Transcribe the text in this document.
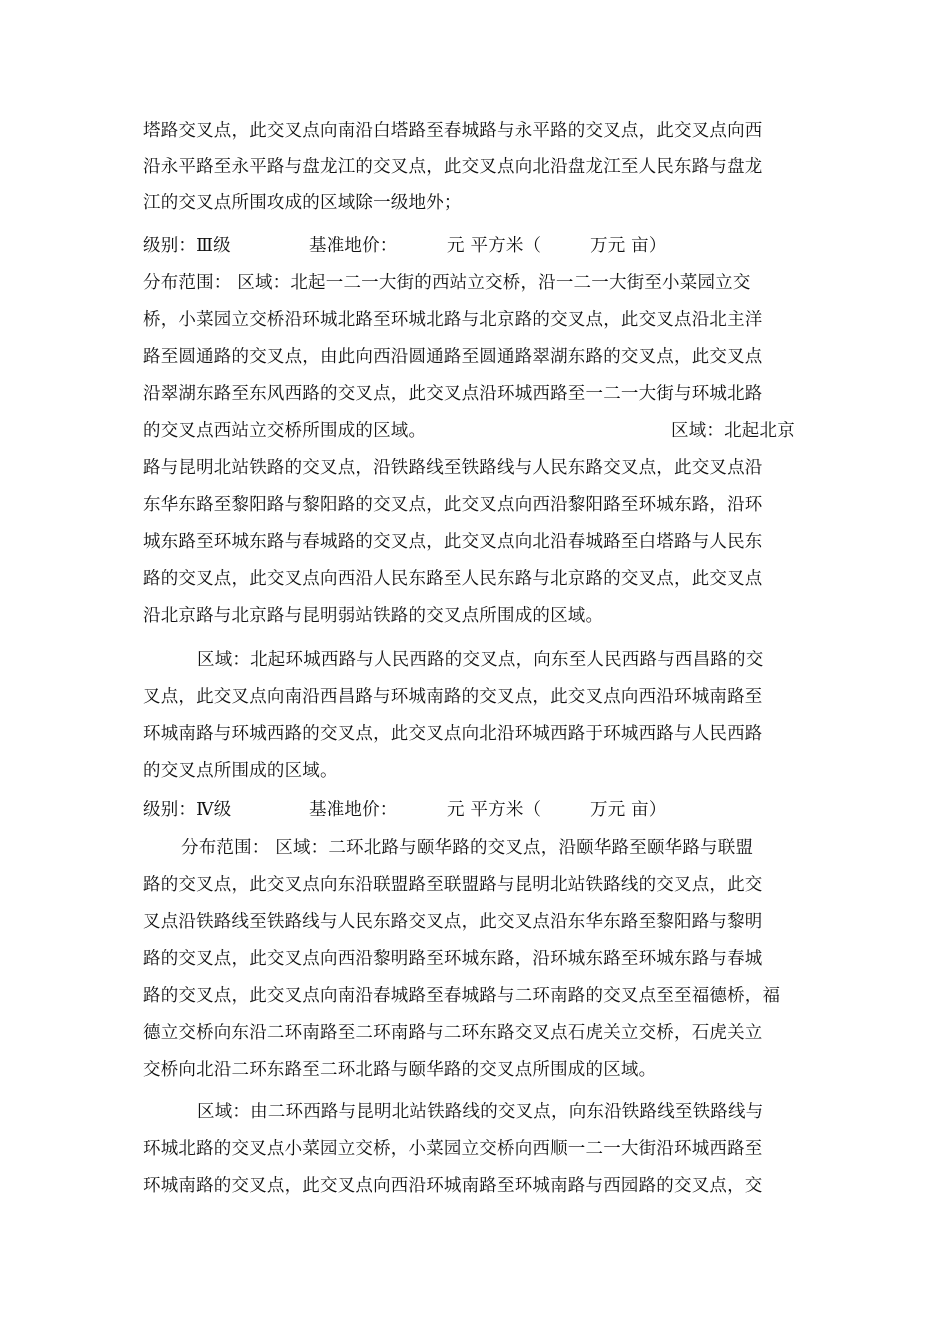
塔路交叉点，此交叉点向南沿白塔路至春城路与永平路的交叉点，此交叉点向西
沿永平路至永平路与盘龙江的交叉点，此交叉点向北沿盘龙江至人民东路与盘龙
江的交叉点所围攻成的区域除一级地外；
级别：Ⅲ级	基准地价：	元 平方米（	万元 亩）
分布范围： 区域：北起一二一大街的西站立交桥，沿一二一大街至小菜园立交
桥，小菜园立交桥沿环城北路至环城北路与北京路的交叉点，此交叉点沿北主洋
路至圆通路的交叉点，由此向西沿圆通路至圆通路翠湖东路的交叉点，此交叉点
沿翠湖东路至东风西路的交叉点，此交叉点沿环城西路至一二一大街与环城北路
的交叉点西站立交桥所围成的区域。	区域：北起北京
路与昆明北站铁路的交叉点，沿铁路线至铁路线与人民东路交叉点，此交叉点沿
东华东路至黎阳路与黎阳路的交叉点，此交叉点向西沿黎阳路至环城东路，沿环
城东路至环城东路与春城路的交叉点，此交叉点向北沿春城路至白塔路与人民东
路的交叉点，此交叉点向西沿人民东路至人民东路与北京路的交叉点，此交叉点
沿北京路与北京路与昆明弱站铁路的交叉点所围成的区域。
区域：北起环城西路与人民西路的交叉点，向东至人民西路与西昌路的交
叉点，此交叉点向南沿西昌路与环城南路的交叉点，此交叉点向西沿环城南路至
环城南路与环城西路的交叉点，此交叉点向北沿环城西路于环城西路与人民西路
的交叉点所围成的区域。
级别：Ⅳ级	基准地价：	元 平方米（	万元 亩）
分布范围： 区域：二环北路与颐华路的交叉点，沿颐华路至颐华路与联盟
路的交叉点，此交叉点向东沿联盟路至联盟路与昆明北站铁路线的交叉点，此交
叉点沿铁路线至铁路线与人民东路交叉点，此交叉点沿东华东路至黎阳路与黎明
路的交叉点，此交叉点向西沿黎明路至环城东路，沿环城东路至环城东路与春城
路的交叉点，此交叉点向南沿春城路至春城路与二环南路的交叉点至至福德桥，福
德立交桥向东沿二环南路至二环南路与二环东路交叉点石虎关立交桥，石虎关立
交桥向北沿二环东路至二环北路与颐华路的交叉点所围成的区域。
区域：由二环西路与昆明北站铁路线的交叉点，向东沿铁路线至铁路线与
环城北路的交叉点小菜园立交桥，小菜园立交桥向西顺一二一大街沿环城西路至
环城南路的交叉点，此交叉点向西沿环城南路至环城南路与西园路的交叉点，交
